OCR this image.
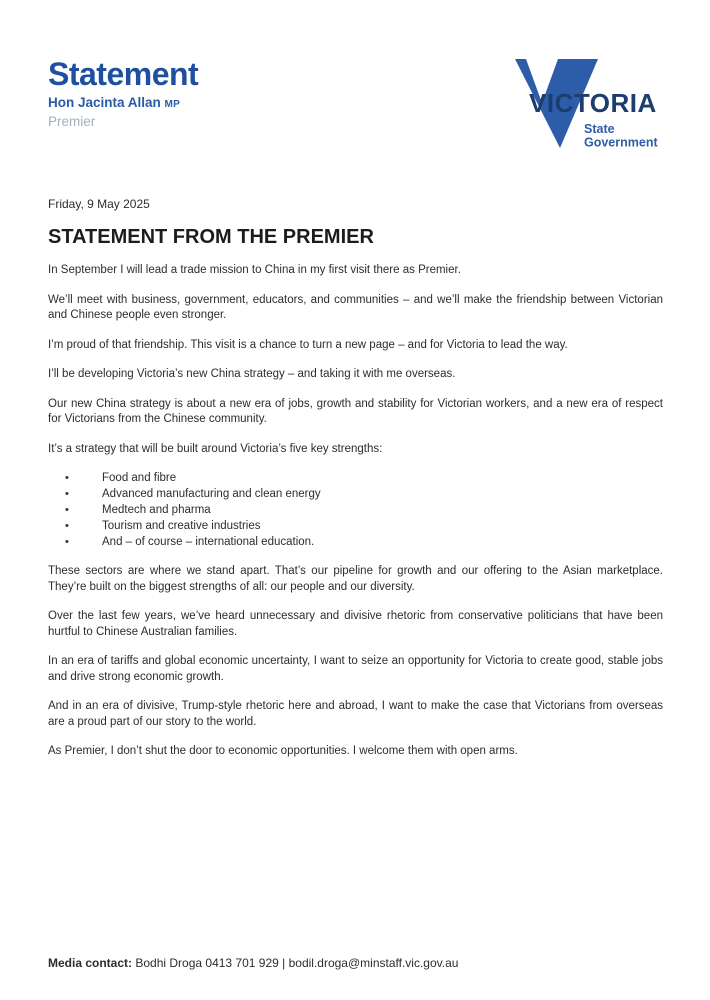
Statement
Hon Jacinta Allan MP
Premier
VICTORIA
State
Government
Friday, 9 May 2025
STATEMENT FROM THE PREMIER

In September I will lead a trade mission to China in my first visit there as Premier.

We’ll meet with business, government, educators, and communities – and we’ll make the friendship between Victorian and Chinese people even stronger.

I’m proud of that friendship. This visit is a chance to turn a new page – and for Victoria to lead the way.

I’ll be developing Victoria’s new China strategy – and taking it with me overseas.

Our new China strategy is about a new era of jobs, growth and stability for Victorian workers, and a new era of respect for Victorians from the Chinese community.

It’s a strategy that will be built around Victoria’s five key strengths:

•	Food and fibre
•	Advanced manufacturing and clean energy
•	Medtech and pharma
•	Tourism and creative industries
•	And – of course – international education.

These sectors are where we stand apart. That’s our pipeline for growth and our offering to the Asian marketplace. They’re built on the biggest strengths of all: our people and our diversity.

Over the last few years, we’ve heard unnecessary and divisive rhetoric from conservative politicians that have been hurtful to Chinese Australian families.

In an era of tariffs and global economic uncertainty, I want to seize an opportunity for Victoria to create good, stable jobs and drive strong economic growth.

And in an era of divisive, Trump-style rhetoric here and abroad, I want to make the case that Victorians from overseas are a proud part of our story to the world.

As Premier, I don’t shut the door to economic opportunities. I welcome them with open arms.

Media contact: Bodhi Droga 0413 701 929 | bodil.droga@minstaff.vic.gov.au
